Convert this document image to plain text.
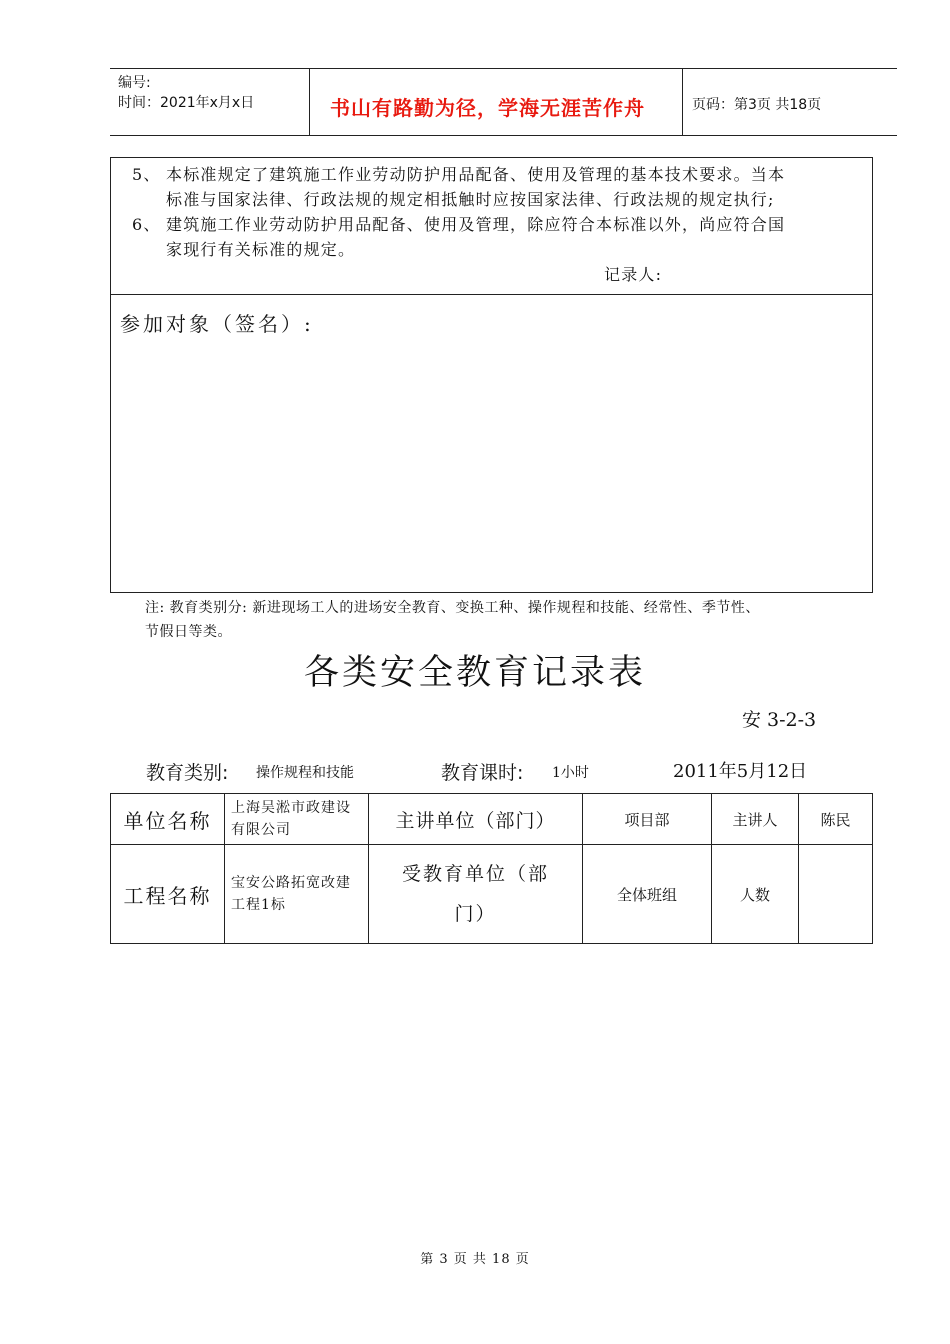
编号:
时间：2021年x月x日	书山有路勤为径，学海无涯苦作舟	页码：第3页 共18页
5、 本标准规定了建筑施工作业劳动防护用品配备、使用及管理的基本技术要求。当本
标准与国家法律、行政法规的规定相抵触时应按国家法律、行政法规的规定执行;
6、 建筑施工作业劳动防护用品配备、使用及管理，除应符合本标准以外，尚应符合国
家现行有关标准的规定。
记录人:
参加对象（签名）:
注: 教育类别分: 新进现场工人的进场安全教育、变换工种、操作规程和技能、经常性、季节性、
节假日等类。
各类安全教育记录表
安 3-2-3
教育类别: 操作规程和技能	教育课时: 1小时	2011年5月12日
单位名称	上海吴淞市政建设有限公司	主讲单位（部门）	项目部	主讲人	陈民
工程名称	宝安公路拓宽改建工程1标	受教育单位（部门）	全体班组	人数	
第 3 页 共 18 页
